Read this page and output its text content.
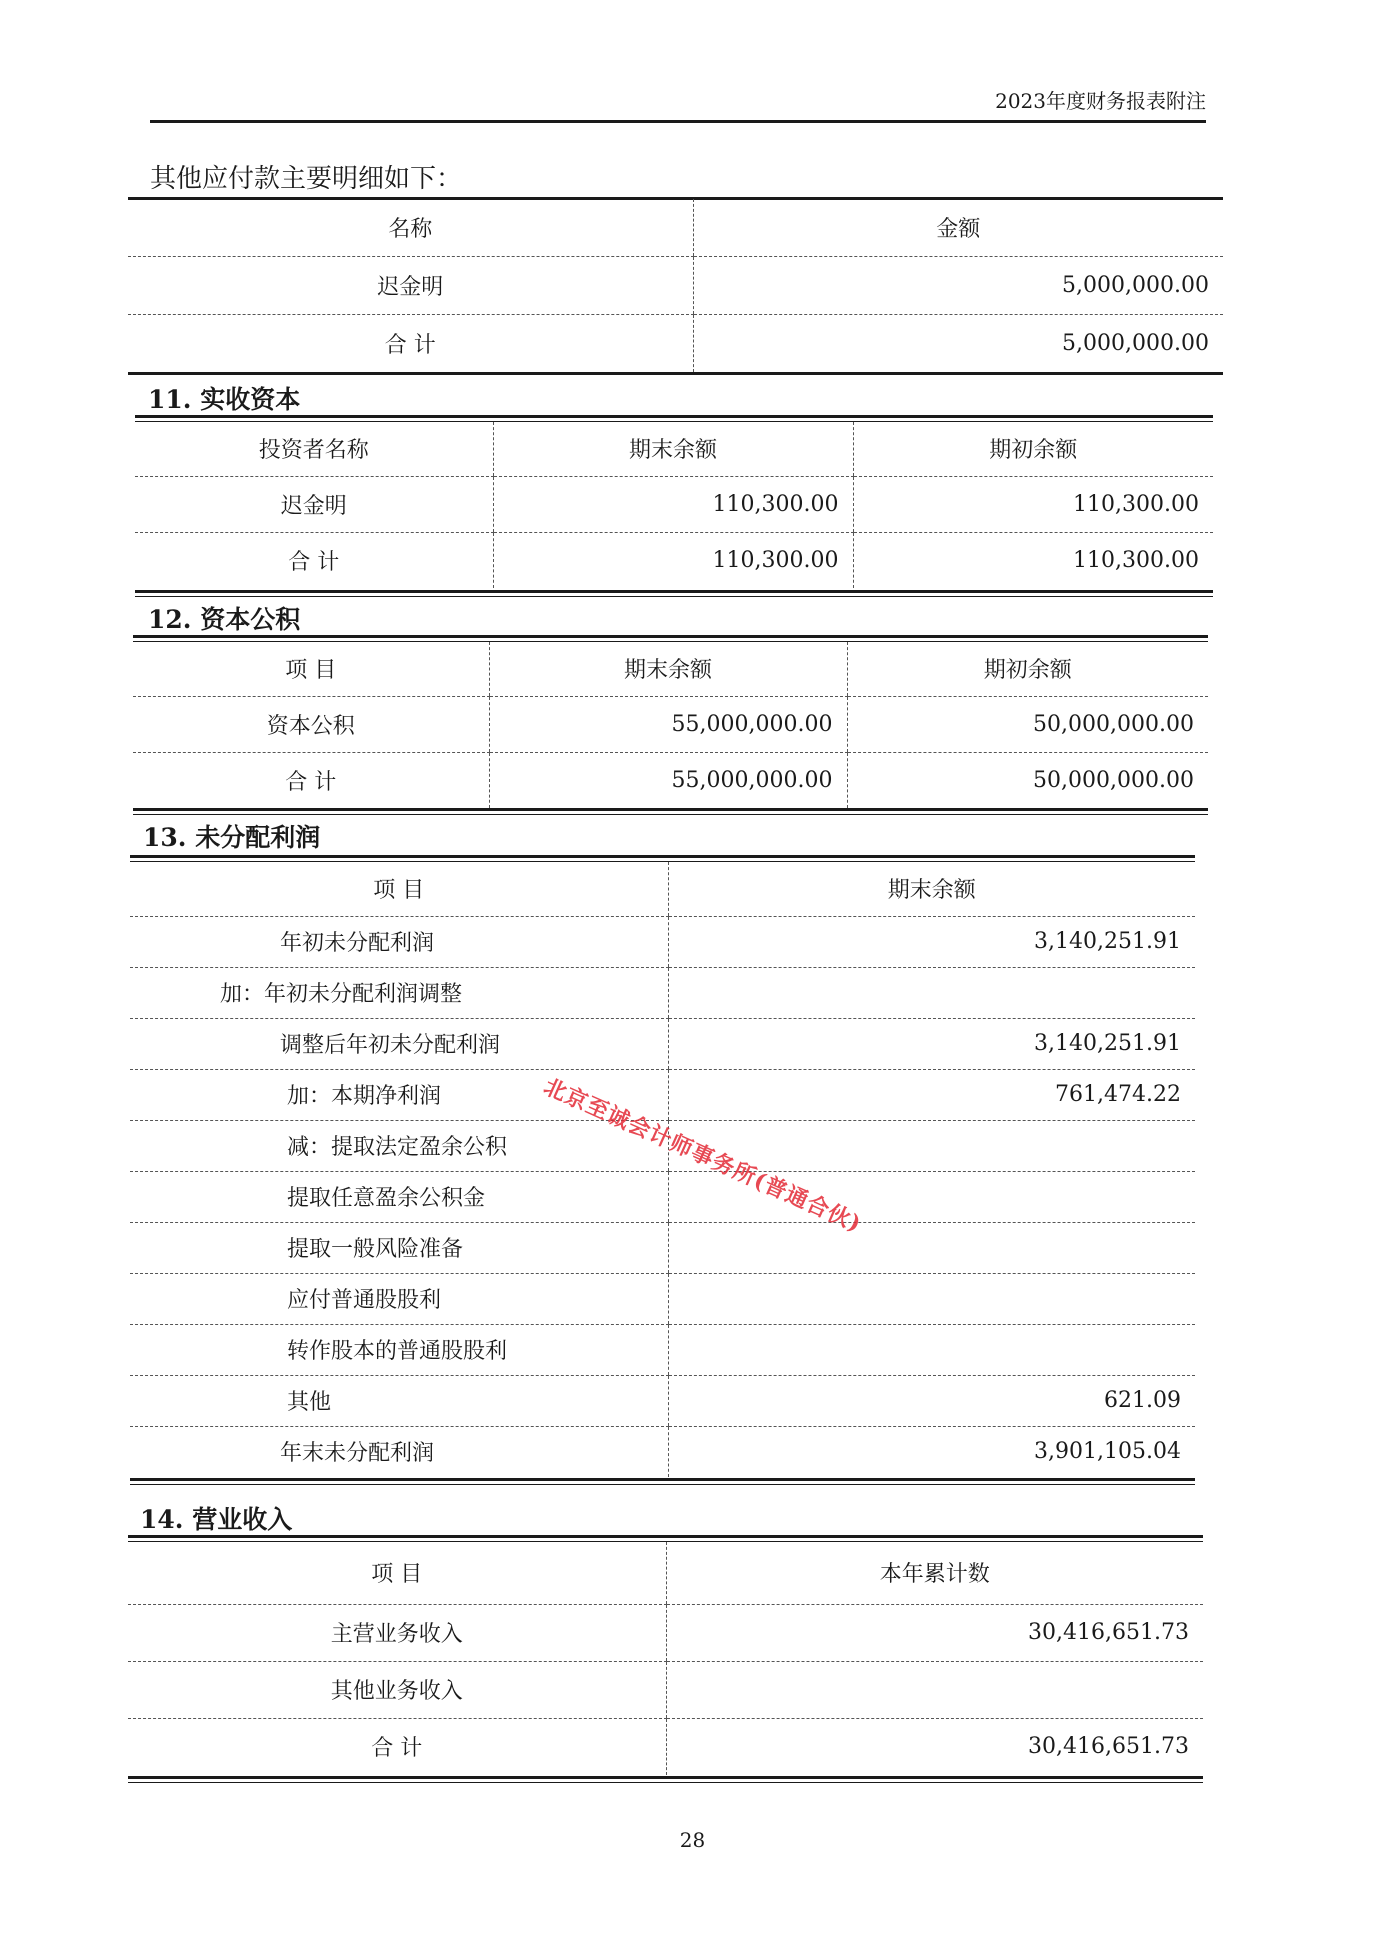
2023年度财务报表附注
其他应付款主要明细如下：
名称	金额
迟金明	5,000,000.00
合 计	5,000,000.00
11. 实收资本
投资者名称	期末余额	期初余额
迟金明	110,300.00	110,300.00
合 计	110,300.00	110,300.00
12. 资本公积
项 目	期末余额	期初余额
资本公积	55,000,000.00	50,000,000.00
合 计	55,000,000.00	50,000,000.00
13. 未分配利润
项 目	期末余额
年初未分配利润	3,140,251.91
加：年初未分配利润调整	
调整后年初未分配利润	3,140,251.91
加：本期净利润	761,474.22
减：提取法定盈余公积	
提取任意盈余公积金	
提取一般风险准备	
应付普通股股利	
转作股本的普通股股利	
其他	621.09
年末未分配利润	3,901,105.04
14. 营业收入
项 目	本年累计数
主营业务收入	30,416,651.73
其他业务收入	
合 计	30,416,651.73
北京至诚会计师事务所(普通合伙)
28
